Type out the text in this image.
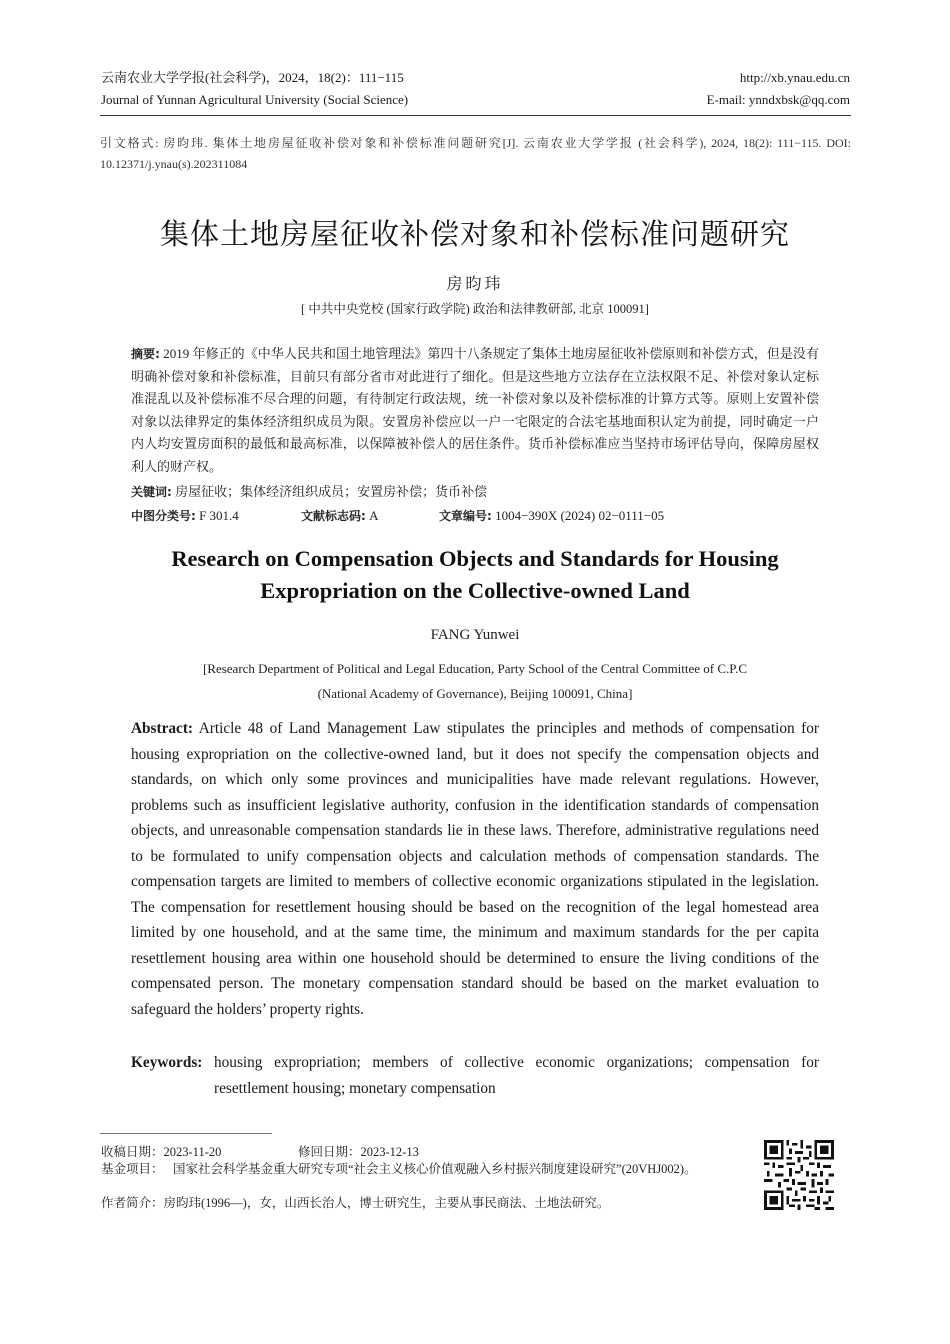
云南农业大学学报(社会科学)，2024，18(2)：111−115
Journal of Yunnan Agricultural University (Social Science)
http://xb.ynau.edu.cn
E-mail: ynndxbsk@qq.com
引文格式: 房昀玮. 集体土地房屋征收补偿对象和补偿标准问题研究[J]. 云南农业大学学报 (社会科学), 2024, 18(2): 111−115. DOI: 10.12371/j.ynau(s).202311084
集体土地房屋征收补偿对象和补偿标准问题研究
房昀玮
[ 中共中央党校 (国家行政学院) 政治和法律教研部, 北京 100091]
摘要: 2019 年修正的《中华人民共和国土地管理法》第四十八条规定了集体土地房屋征收补偿原则和补偿方式，但是没有明确补偿对象和补偿标准，目前只有部分省市对此进行了细化。但是这些地方立法存在立法权限不足、补偿对象认定标准混乱以及补偿标准不尽合理的问题，有待制定行政法规，统一补偿对象以及补偿标准的计算方式等。原则上安置补偿对象以法律界定的集体经济组织成员为限。安置房补偿应以一户一宅限定的合法宅基地面积认定为前提，同时确定一户内人均安置房面积的最低和最高标准，以保障被补偿人的居住条件。货币补偿标准应当坚持市场评估导向，保障房屋权利人的财产权。
关键词: 房屋征收；集体经济组织成员；安置房补偿；货币补偿
中图分类号: F 301.4	文献标志码: A	文章编号: 1004−390X (2024) 02−0111−05
Research on Compensation Objects and Standards for Housing
Expropriation on the Collective-owned Land
FANG Yunwei
[Research Department of Political and Legal Education, Party School of the Central Committee of C.P.C
(National Academy of Governance), Beijing 100091, China]
Abstract: Article 48 of Land Management Law stipulates the principles and methods of compensation for housing expropriation on the collective-owned land, but it does not specify the compensation objects and standards, on which only some provinces and municipalities have made relevant regulations. However, problems such as insufficient legislative authority, confusion in the identification standards of compensation objects, and unreasonable compensation standards lie in these laws. Therefore, administrative regulations need to be formulated to unify compensation objects and calculation methods of compensation standards. The compensation targets are limited to members of collective economic organizations stipulated in the legislation. The compensation for resettlement housing should be based on the recognition of the legal homestead area limited by one household, and at the same time, the minimum and maximum standards for the per capita resettlement housing area within one household should be determined to ensure the living conditions of the compensated person. The monetary compensation standard should be based on the market evaluation to safeguard the holders’ property rights.
Keywords: housing expropriation; members of collective economic organizations; compensation for resettlement housing; monetary compensation
收稿日期：2023-11-20	修回日期：2023-12-13
基金项目： 国家社会科学基金重大研究专项“社会主义核心价值观融入乡村振兴制度建设研究”(20VHJ002)。
作者简介：房昀玮(1996—)，女，山西长治人，博士研究生，主要从事民商法、土地法研究。
